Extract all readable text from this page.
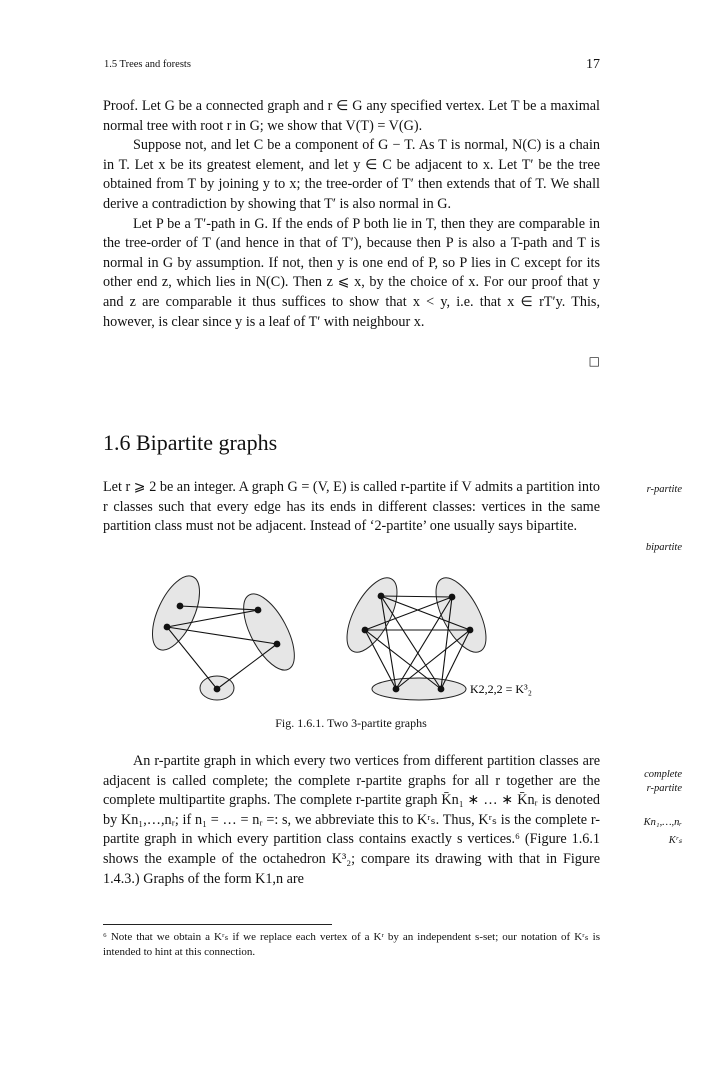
1.5 Trees and forests	17

Proof. Let G be a connected graph and r ∈ G any specified vertex. Let T be a maximal normal tree with root r in G; we show that V(T) = V(G).

Suppose not, and let C be a component of G − T. As T is normal, N(C) is a chain in T. Let x be its greatest element, and let y ∈ C be adjacent to x. Let T′ be the tree obtained from T by joining y to x; the tree-order of T′ then extends that of T. We shall derive a contradiction by showing that T′ is also normal in G.

Let P be a T′-path in G. If the ends of P both lie in T, then they are comparable in the tree-order of T (and hence in that of T′), because then P is also a T-path and T is normal in G by assumption. If not, then y is one end of P, so P lies in C except for its other end z, which lies in N(C). Then z ⩽ x, by the choice of x. For our proof that y and z are comparable it thus suffices to show that x < y, i.e. that x ∈ rT′y. This, however, is clear since y is a leaf of T′ with neighbour x.

□
1.6 Bipartite graphs

Let r ⩾ 2 be an integer. A graph G = (V, E) is called r-partite if V admits a partition into r classes such that every edge has its ends in different classes: vertices in the same partition class must not be adjacent. Instead of ‘2-partite’ one usually says bipartite.

r-partite
bipartite
K2,2,2 = K³₂
Fig. 1.6.1. Two 3-partite graphs

An r-partite graph in which every two vertices from different partition classes are adjacent is called complete; the complete r-partite graphs for all r together are the complete multipartite graphs. The complete r-partite graph K̄n₁ ∗ … ∗ K̄nᵣ is denoted by Kn₁,…,nᵣ; if n₁ = … = nᵣ =: s, we abbreviate this to Kʳₛ. Thus, Kʳₛ is the complete r-partite graph in which every partition class contains exactly s vertices.⁶ (Figure 1.6.1 shows the example of the octahedron K³₂; compare its drawing with that in Figure 1.4.3.) Graphs of the form K1,n are

complete
r-partite
Kn₁,…,nᵣ
Kʳₛ
⁶ Note that we obtain a Kʳₛ if we replace each vertex of a Kʳ by an independent s-set; our notation of Kʳₛ is intended to hint at this connection.
